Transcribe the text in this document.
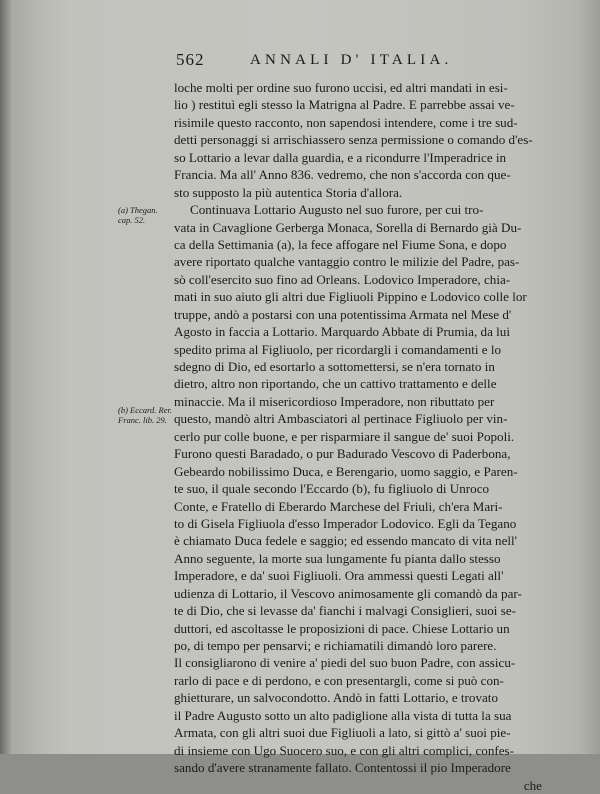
562	ANNALI D' ITALIA.
(a) Thegan. cap. 52.
(b) Eccard. Rer. Franc. lib. 29.
loche molti per ordine suo furono uccisi, ed altri mandati in esi-
lio ) restituì egli stesso la Matrigna al Padre. E parrebbe assai ve-
risimile questo racconto, non sapendosi intendere, come i tre sud-
detti personaggi si arrischiassero senza permissione o comando d'es-
so Lottario a levar dalla guardia, e a ricondurre l'Imperadrice in
Francia. Ma all' Anno 836. vedremo, che non s'accorda con que-
sto supposto la più autentica Storia d'allora.
Continuava Lottario Augusto nel suo furore, per cui tro-
vata in Cavaglione Gerberga Monaca, Sorella di Bernardo già Du-
ca della Settimania (a), la fece affogare nel Fiume Sona, e dopo
avere riportato qualche vantaggio contro le milizie del Padre, pas-
sò coll'esercito suo fino ad Orleans. Lodovico Imperadore, chia-
mati in suo aiuto gli altri due Figliuoli Pippino e Lodovico colle lor
truppe, andò a postarsi con una potentissima Armata nel Mese d'
Agosto in faccia a Lottario. Marquardo Abbate di Prumia, da lui
spedito prima al Figliuolo, per ricordargli i comandamenti e lo
sdegno di Dio, ed esortarlo a sottomettersi, se n'era tornato in
dietro, altro non riportando, che un cattivo trattamento e delle
minaccie. Ma il misericordioso Imperadore, non ributtato per
questo, mandò altri Ambasciatori al pertinace Figliuolo per vin-
cerlo pur colle buone, e per risparmiare il sangue de' suoi Popoli.
Furono questi Baradado, o pur Badurado Vescovo di Paderbona,
Gebeardo nobilissimo Duca, e Berengario, uomo saggio, e Paren-
te suo, il quale secondo l'Eccardo (b), fu figliuolo di Unroco
Conte, e Fratello di Eberardo Marchese del Friuli, ch'era Mari-
to di Gisela Figliuola d'esso Imperador Lodovico. Egli da Tegano
è chiamato Duca fedele e saggio; ed essendo mancato di vita nell'
Anno seguente, la morte sua lungamente fu pianta dallo stesso
Imperadore, e da' suoi Figliuoli. Ora ammessi questi Legati all'
udienza di Lottario, il Vescovo animosamente gli comandò da par-
te di Dio, che si levasse da' fianchi i malvagi Consiglieri, suoi se-
duttori, ed ascoltasse le proposizioni di pace. Chiese Lottario un
po, di tempo per pensarvi; e richiamatili dimandò loro parere.
Il consigliarono di venire a' piedi del suo buon Padre, con assicu-
rarlo di pace e di perdono, e con presentargli, come si può con-
ghietturare, un salvocondotto. Andò in fatti Lottario, e trovato
il Padre Augusto sotto un alto padiglione alla vista di tutta la sua
Armata, con gli altri suoi due Figliuoli a lato, si gittò a' suoi pie-
di insieme con Ugo Suocero suo, e con gli altri complici, confes-
sando d'avere stranamente fallato. Contentossi il pio Imperadore
che
